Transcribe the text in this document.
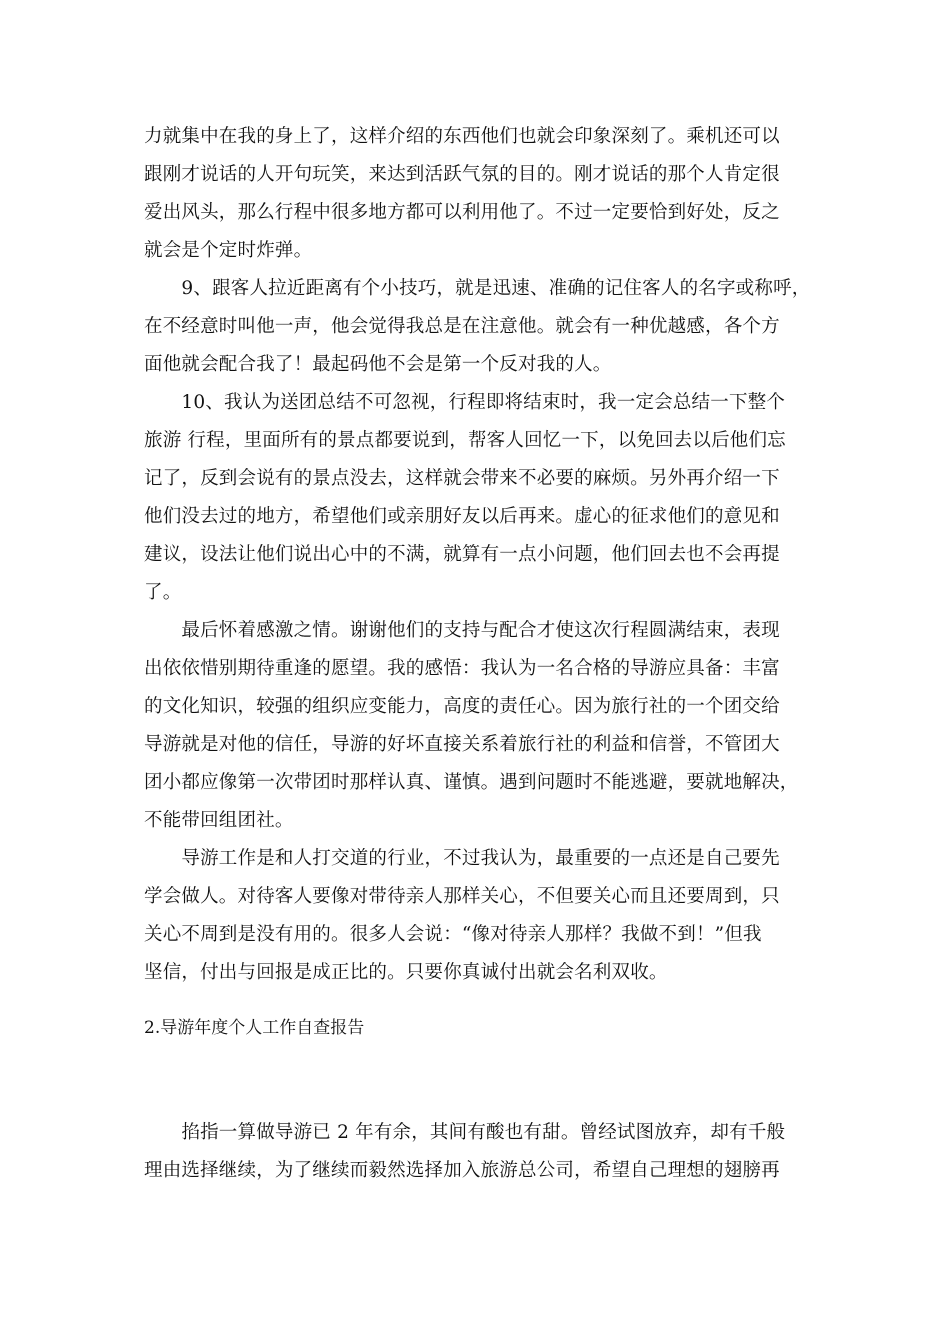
力就集中在我的身上了，这样介绍的东西他们也就会印象深刻了。乘机还可以
跟刚才说话的人开句玩笑，来达到活跃气氛的目的。刚才说话的那个人肯定很
爱出风头，那么行程中很多地方都可以利用他了。不过一定要恰到好处，反之
就会是个定时炸弹。
　　9、跟客人拉近距离有个小技巧，就是迅速、准确的记住客人的名字或称呼，
在不经意时叫他一声，他会觉得我总是在注意他。就会有一种优越感，各个方
面他就会配合我了！最起码他不会是第一个反对我的人。
　　10、我认为送团总结不可忽视，行程即将结束时，我一定会总结一下整个
旅游 行程，里面所有的景点都要说到，帮客人回忆一下，以免回去以后他们忘
记了，反到会说有的景点没去，这样就会带来不必要的麻烦。另外再介绍一下
他们没去过的地方，希望他们或亲朋好友以后再来。虚心的征求他们的意见和
建议，设法让他们说出心中的不满，就算有一点小问题，他们回去也不会再提
了。
　　最后怀着感激之情。谢谢他们的支持与配合才使这次行程圆满结束，表现
出依依惜别期待重逢的愿望。我的感悟：我认为一名合格的导游应具备：丰富
的文化知识，较强的组织应变能力，高度的责任心。因为旅行社的一个团交给
导游就是对他的信任，导游的好坏直接关系着旅行社的利益和信誉，不管团大
团小都应像第一次带团时那样认真、谨慎。遇到问题时不能逃避，要就地解决，
不能带回组团社。
　　导游工作是和人打交道的行业，不过我认为，最重要的一点还是自己要先
学会做人。对待客人要像对带待亲人那样关心，不但要关心而且还要周到，只
关心不周到是没有用的。很多人会说：“像对待亲人那样？我做不到！”但我
坚信，付出与回报是成正比的。只要你真诚付出就会名利双收。
2.导游年度个人工作自查报告
　　掐指一算做导游已 2 年有余，其间有酸也有甜。曾经试图放弃，却有千般
理由选择继续，为了继续而毅然选择加入旅游总公司，希望自己理想的翅膀再
